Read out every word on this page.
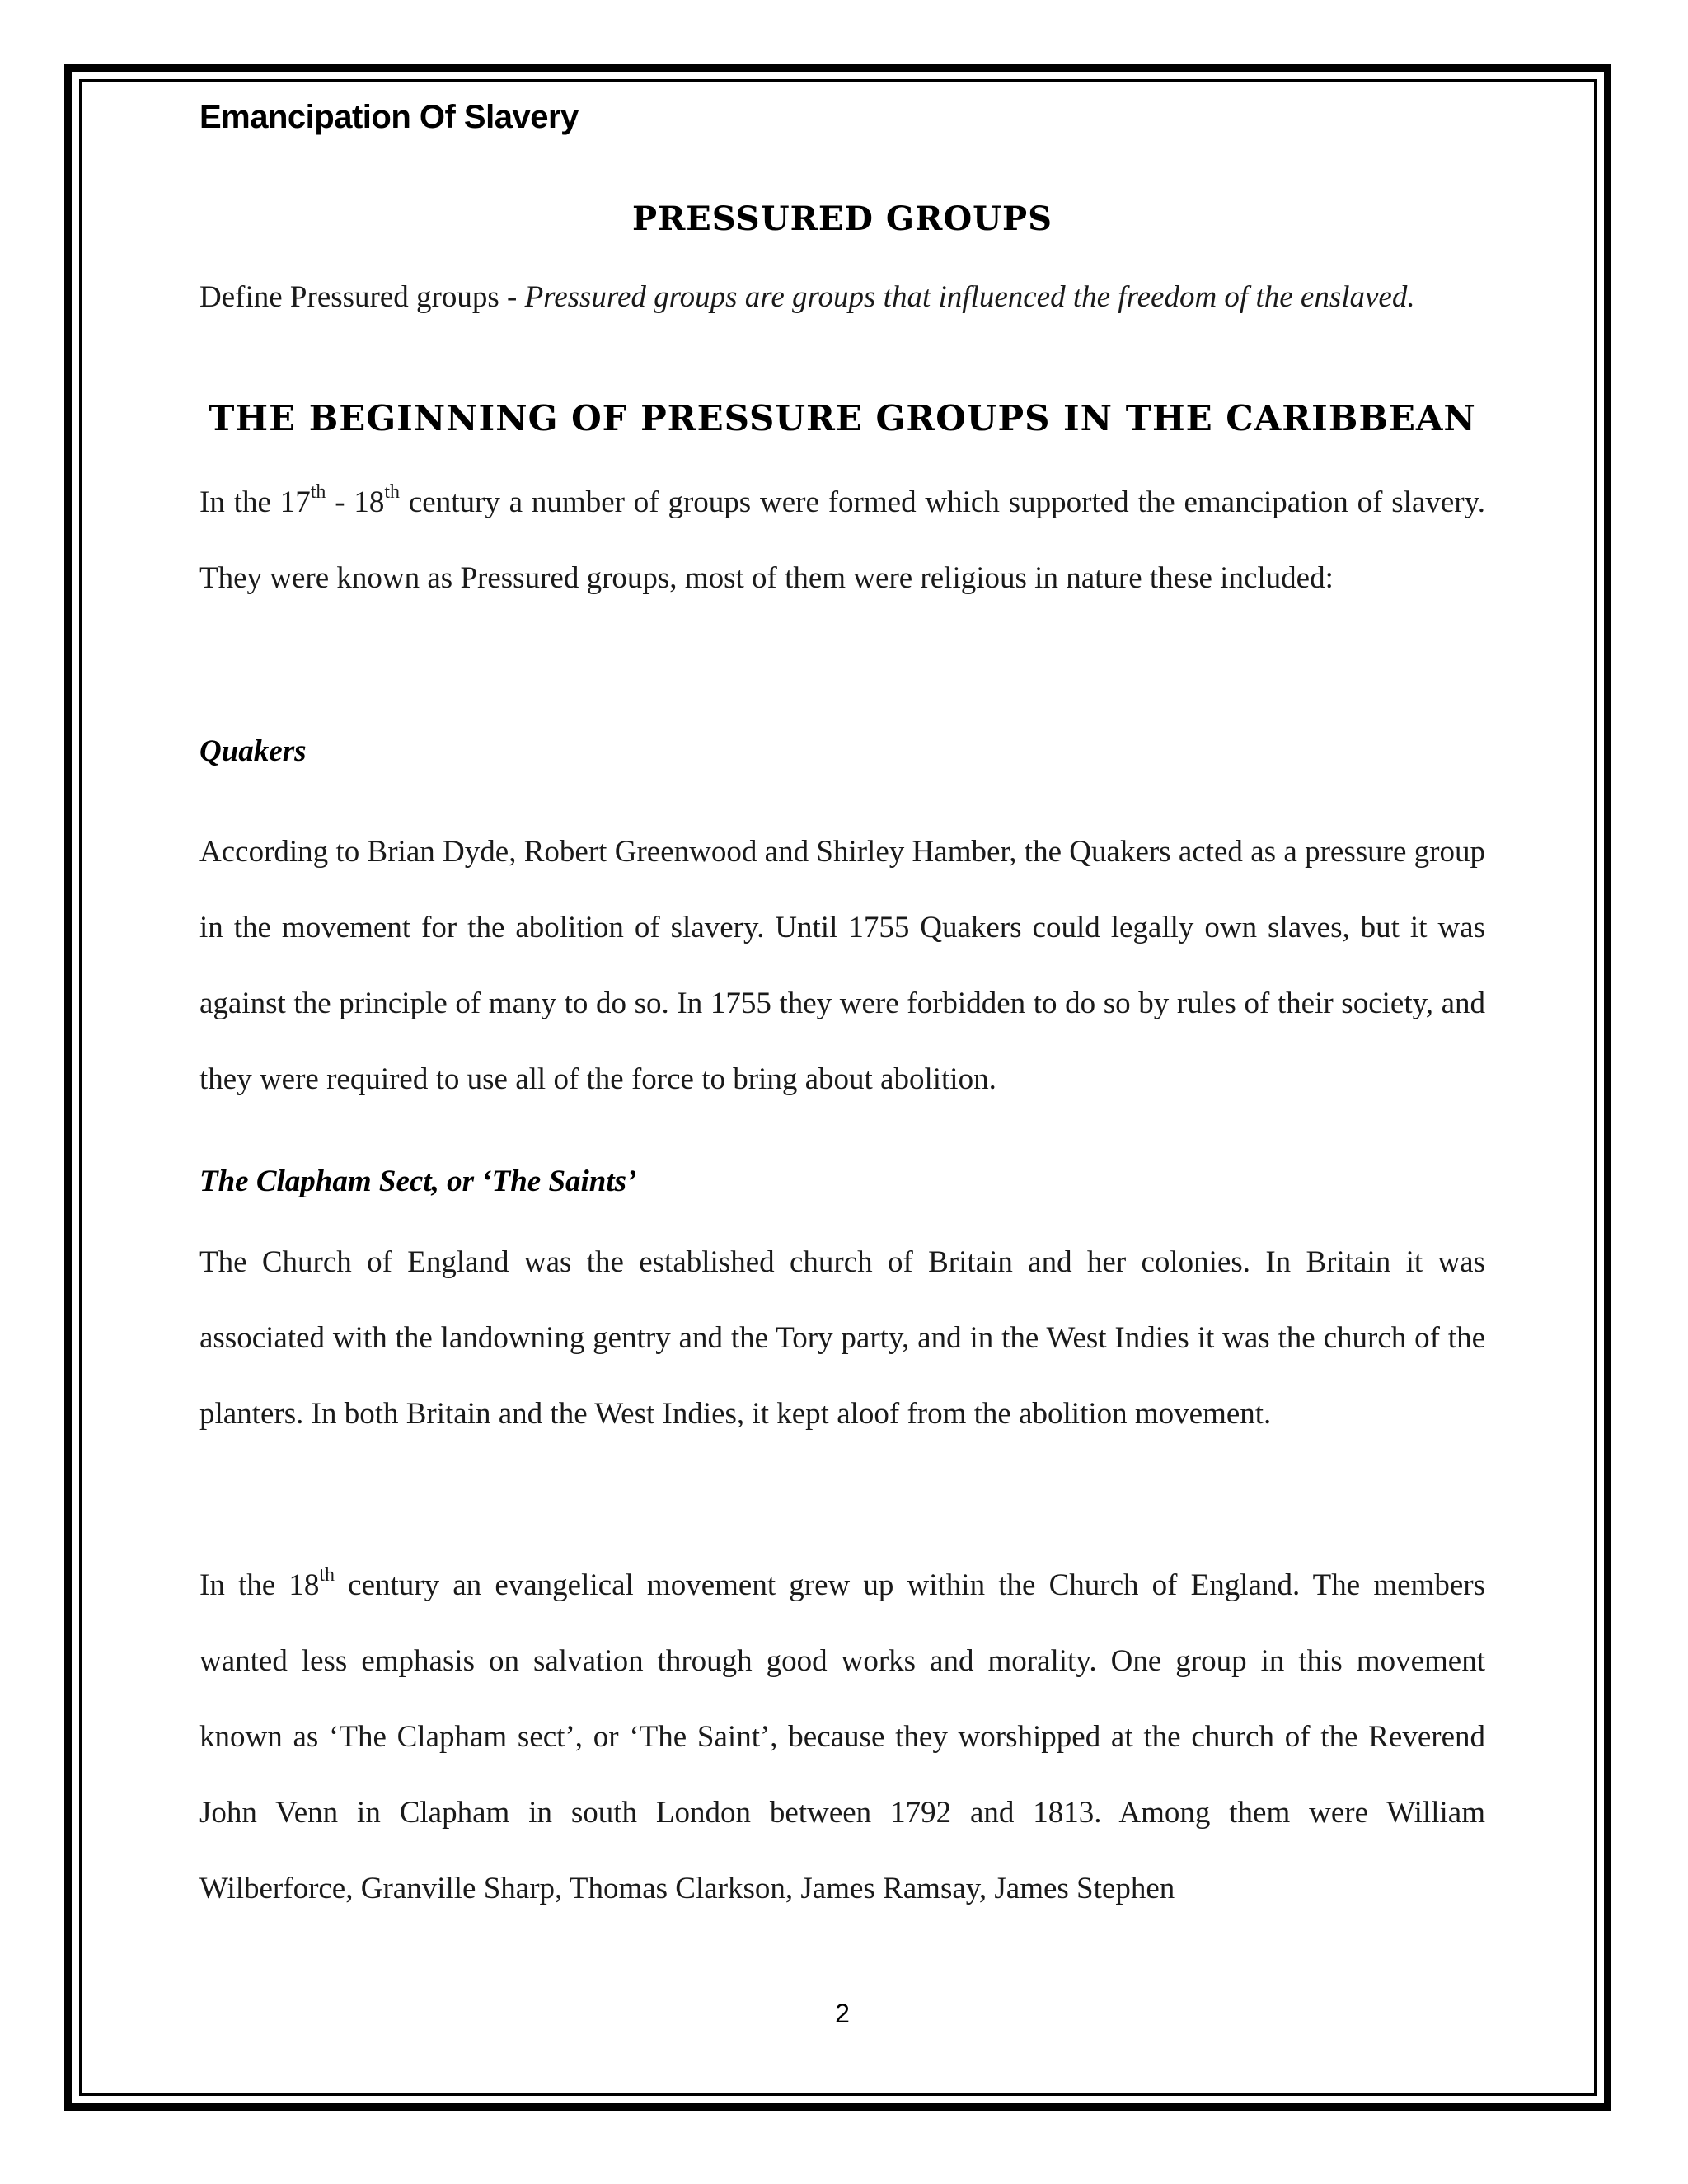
Emancipation Of Slavery
PRESSURED GROUPS
Define Pressured groups - Pressured groups are groups that influenced the freedom of the enslaved.
THE BEGINNING OF PRESSURE GROUPS IN THE CARIBBEAN
In the 17th - 18th century a number of groups were formed which supported the emancipation of slavery. They were known as Pressured groups, most of them were religious in nature these included:
Quakers
According to Brian Dyde, Robert Greenwood and Shirley Hamber, the Quakers acted as a pressure group in the movement for the abolition of slavery. Until 1755 Quakers could legally own slaves, but it was against the principle of many to do so. In 1755 they were forbidden to do so by rules of their society, and they were required to use all of the force to bring about abolition.
The Clapham Sect, or ‘The Saints’
The Church of England was the established church of Britain and her colonies. In Britain it was associated with the landowning gentry and the Tory party, and in the West Indies it was the church of the planters. In both Britain and the West Indies, it kept aloof from the abolition movement.
In the 18th century an evangelical movement grew up within the Church of England. The members wanted less emphasis on salvation through good works and morality. One group in this movement known as ‘The Clapham sect’, or ‘The Saint’, because they worshipped at the church of the Reverend John Venn in Clapham in south London between 1792 and 1813. Among them were William Wilberforce, Granville Sharp, Thomas Clarkson, James Ramsay, James Stephen
2
